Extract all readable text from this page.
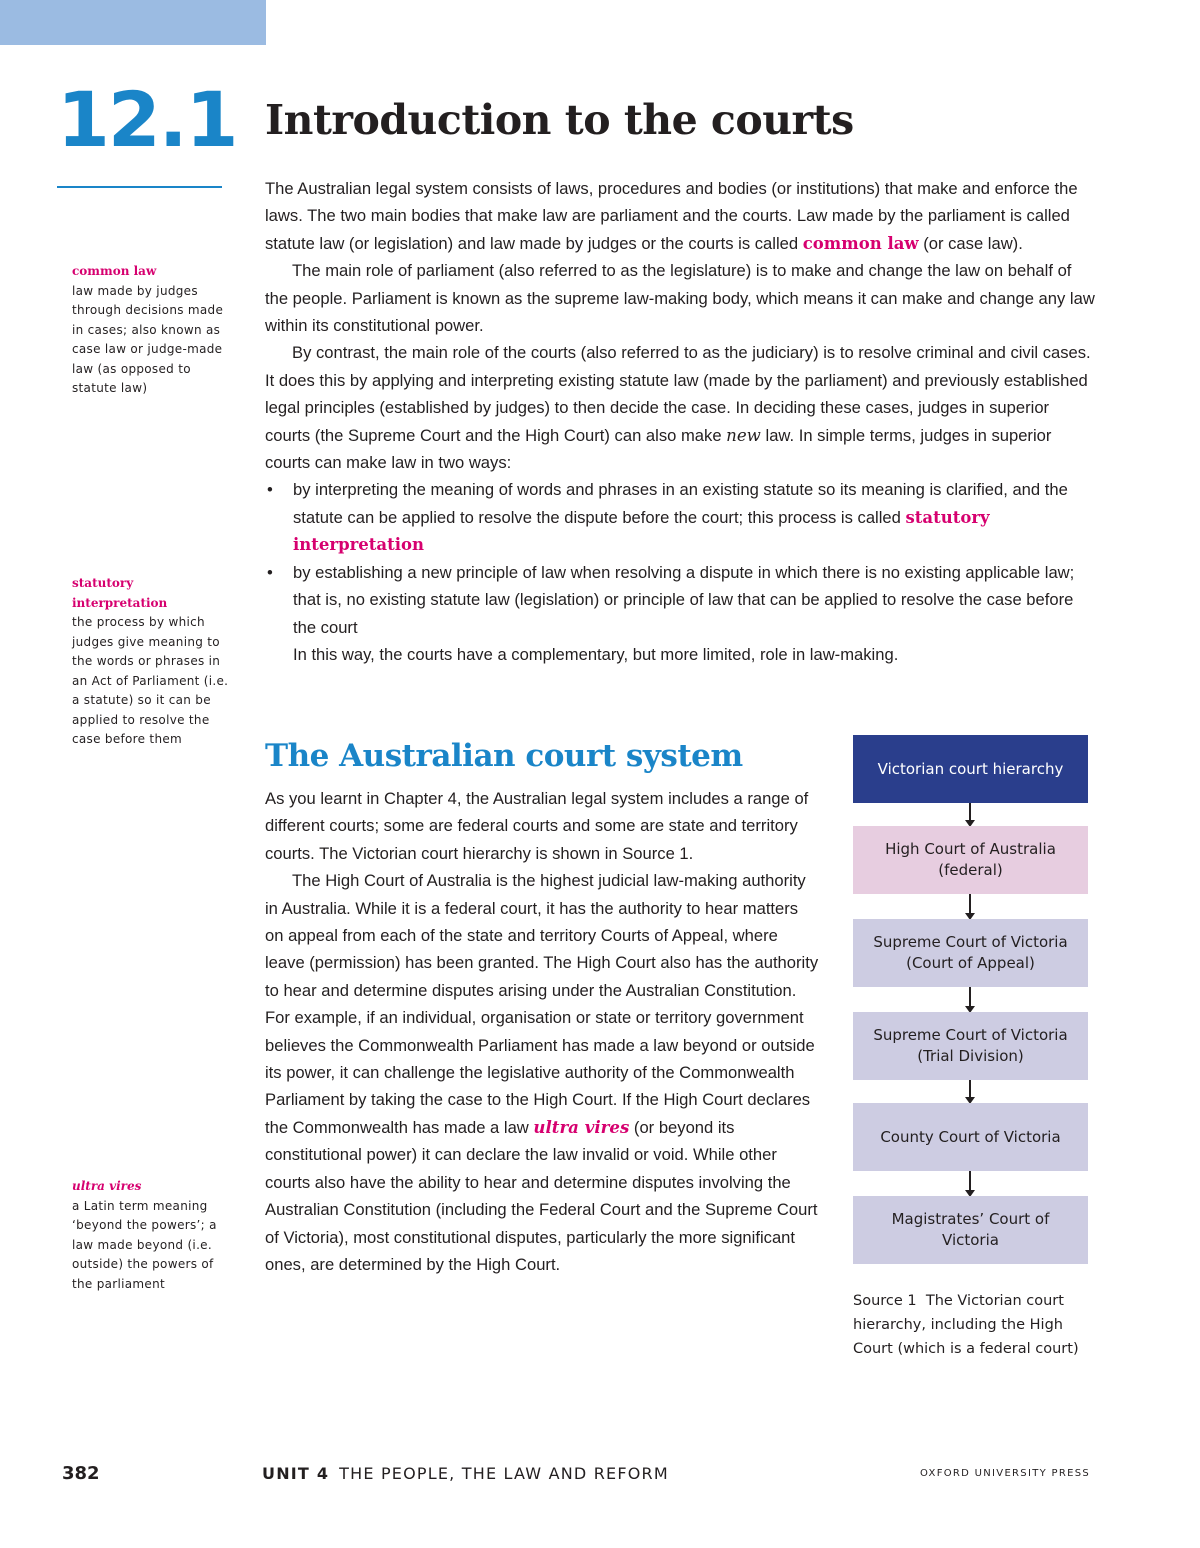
12.1 Introduction to the courts

The Australian legal system consists of laws, procedures and bodies (or institutions) that make and enforce the laws. The two main bodies that make law are parliament and the courts. Law made by the parliament is called statute law (or legislation) and law made by judges or the courts is called common law (or case law).

The main role of parliament (also referred to as the legislature) is to make and change the law on behalf of the people. Parliament is known as the supreme law-making body, which means it can make and change any law within its constitutional power.

By contrast, the main role of the courts (also referred to as the judiciary) is to resolve criminal and civil cases. It does this by applying and interpreting existing statute law (made by the parliament) and previously established legal principles (established by judges) to then decide the case. In deciding these cases, judges in superior courts (the Supreme Court and the High Court) can also make new law. In simple terms, judges in superior courts can make law in two ways:

• by interpreting the meaning of words and phrases in an existing statute so its meaning is clarified, and the statute can be applied to resolve the dispute before the court; this process is called statutory interpretation
• by establishing a new principle of law when resolving a dispute in which there is no existing applicable law; that is, no existing statute law (legislation) or principle of law that can be applied to resolve the case before the court

In this way, the courts have a complementary, but more limited, role in law-making.

The Australian court system

As you learnt in Chapter 4, the Australian legal system includes a range of different courts; some are federal courts and some are state and territory courts. The Victorian court hierarchy is shown in Source 1.

The High Court of Australia is the highest judicial law-making authority in Australia. While it is a federal court, it has the authority to hear matters on appeal from each of the state and territory Courts of Appeal, where leave (permission) has been granted. The High Court also has the authority to hear and determine disputes arising under the Australian Constitution. For example, if an individual, organisation or state or territory government believes the Commonwealth Parliament has made a law beyond or outside its power, it can challenge the legislative authority of the Commonwealth Parliament by taking the case to the High Court. If the High Court declares the Commonwealth has made a law ultra vires (or beyond its constitutional power) it can declare the law invalid or void. While other courts also have the ability to hear and determine disputes involving the Australian Constitution (including the Federal Court and the Supreme Court of Victoria), most constitutional disputes, particularly the more significant ones, are determined by the High Court.

common law
law made by judges through decisions made in cases; also known as case law or judge-made law (as opposed to statute law)
statutory interpretation
the process by which judges give meaning to the words or phrases in an Act of Parliament (i.e. a statute) so it can be applied to resolve the case before them
ultra vires
a Latin term meaning ‘beyond the powers’; a law made beyond (i.e. outside) the powers of the parliament
Victorian court hierarchy
High Court of Australia (federal)
Supreme Court of Victoria (Court of Appeal)
Supreme Court of Victoria (Trial Division)
County Court of Victoria
Magistrates’ Court of Victoria
Source 1 The Victorian court hierarchy, including the High Court (which is a federal court)
382	UNIT 4 THE PEOPLE, THE LAW AND REFORM	OXFORD UNIVERSITY PRESS
